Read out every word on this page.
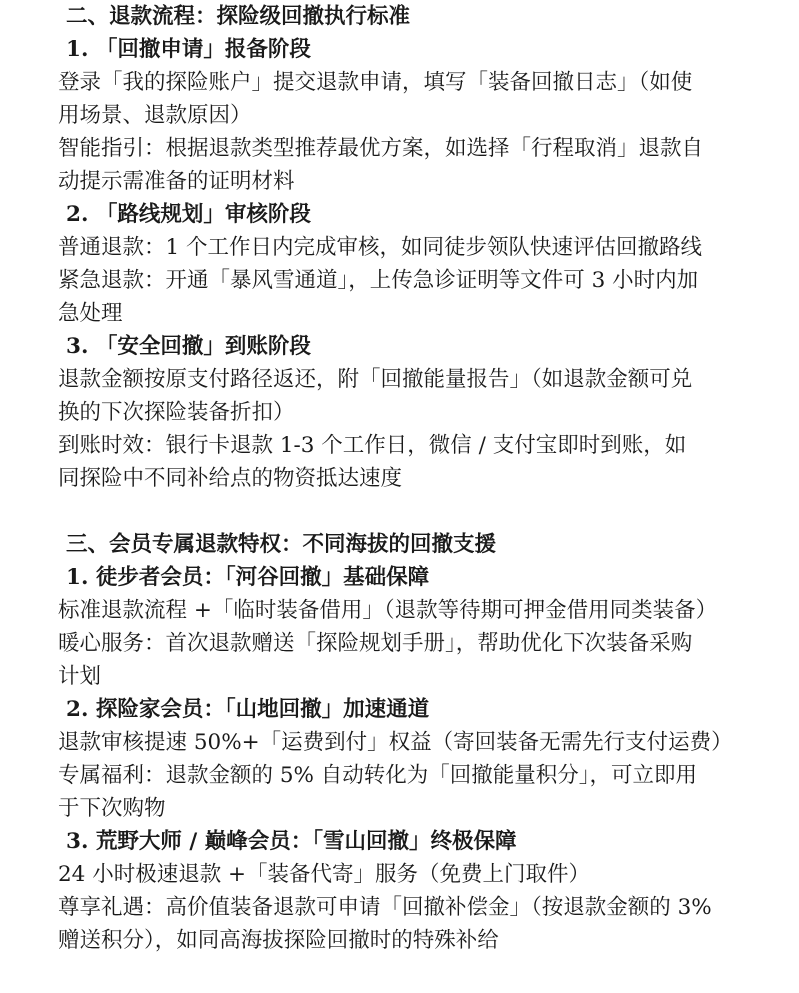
二、退款流程：探险级回撤执行标准
1. 「回撤申请」报备阶段
登录「我的探险账户」提交退款申请，填写「装备回撤日志」（如使
用场景、退款原因）
智能指引：根据退款类型推荐最优方案，如选择「行程取消」退款自
动提示需准备的证明材料
2. 「路线规划」审核阶段
普通退款：1 个工作日内完成审核，如同徒步领队快速评估回撤路线
紧急退款：开通「暴风雪通道」，上传急诊证明等文件可 3 小时内加
急处理
3. 「安全回撤」到账阶段
退款金额按原支付路径返还，附「回撤能量报告」（如退款金额可兑
换的下次探险装备折扣）
到账时效：银行卡退款 1-3 个工作日，微信 / 支付宝即时到账，如
同探险中不同补给点的物资抵达速度
三、会员专属退款特权：不同海拔的回撤支援
1. 徒步者会员：「河谷回撤」基础保障
标准退款流程 +「临时装备借用」（退款等待期可押金借用同类装备）
暖心服务：首次退款赠送「探险规划手册」，帮助优化下次装备采购
计划
2. 探险家会员：「山地回撤」加速通道
退款审核提速 50%+「运费到付」权益（寄回装备无需先行支付运费）
专属福利：退款金额的 5% 自动转化为「回撤能量积分」，可立即用
于下次购物
3. 荒野大师 / 巅峰会员：「雪山回撤」终极保障
24 小时极速退款 +「装备代寄」服务（免费上门取件）
尊享礼遇：高价值装备退款可申请「回撤补偿金」（按退款金额的 3%
赠送积分），如同高海拔探险回撤时的特殊补给
